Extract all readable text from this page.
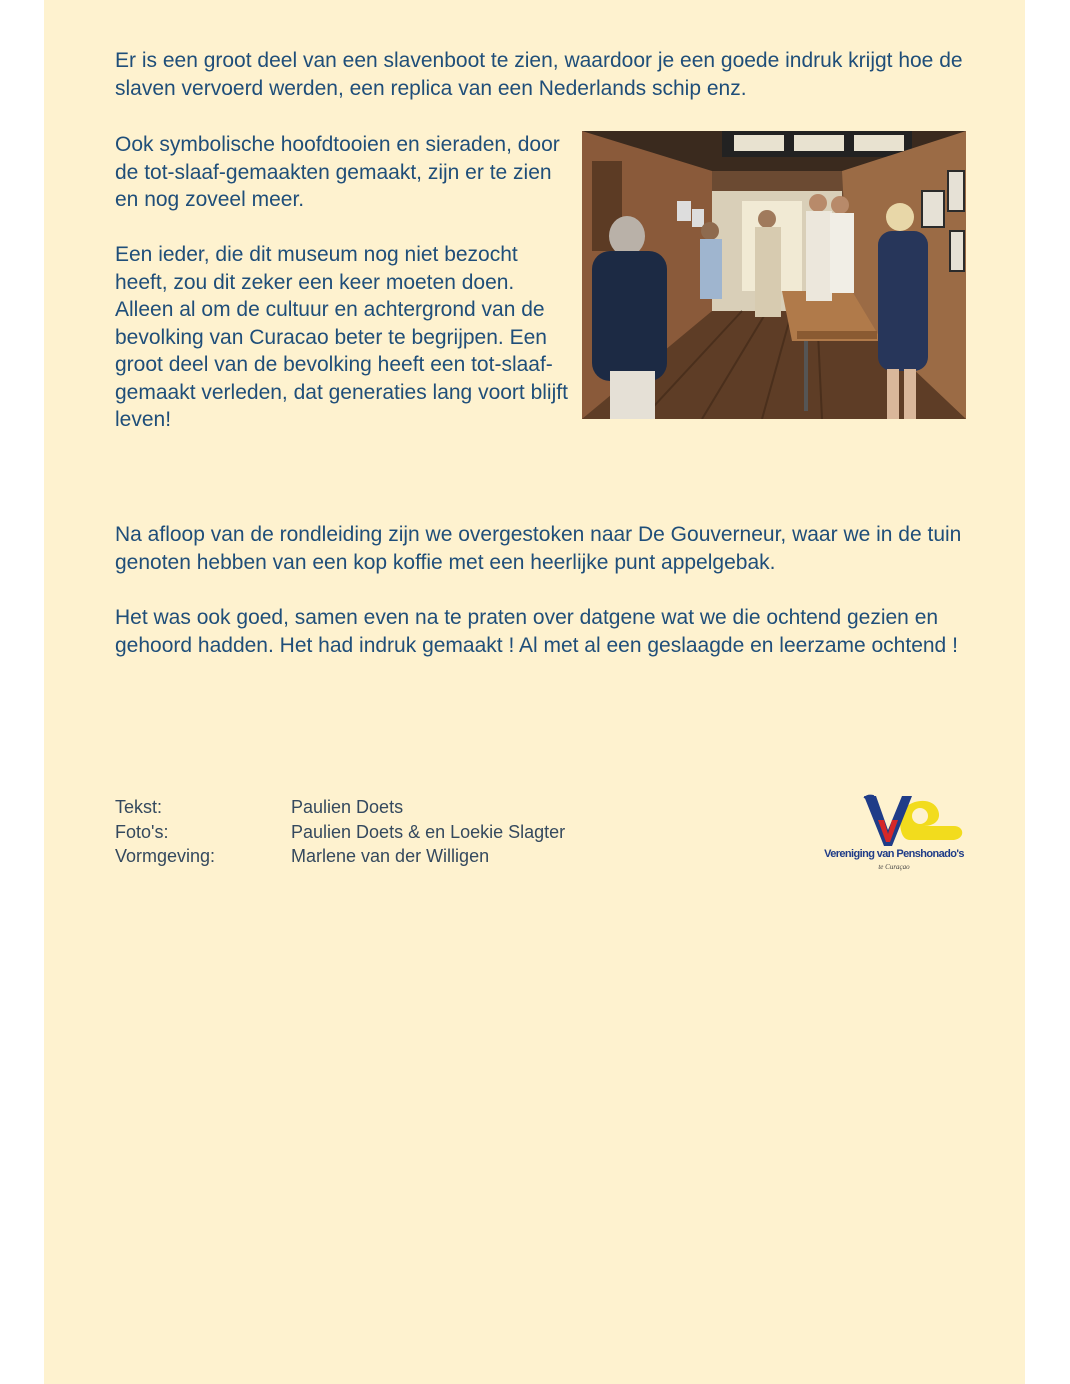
Er is een groot deel van een slavenboot te zien, waardoor je een goede indruk krijgt hoe de slaven vervoerd werden, een replica van een Nederlands schip enz.

Ook symbolische hoofdtooien en sieraden, door de tot-slaaf-gemaakten gemaakt, zijn er te zien en nog zoveel meer.

Een ieder, die dit museum nog niet bezocht heeft, zou dit zeker een keer moeten doen. Alleen al om de cultuur en achtergrond van de bevolking van Curacao beter te begrijpen. Een groot deel van de bevolking heeft een tot-slaaf-gemaakt verleden, dat generaties lang voort blijft leven!

Na afloop van de rondleiding zijn we overgestoken naar De Gouverneur, waar we in de tuin genoten hebben van een kop koffie met een heerlijke punt appelgebak.

Het was ook goed, samen even na te praten over datgene wat we die ochtend gezien en gehoord hadden. Het had indruk gemaakt ! Al met al een geslaagde en leerzame ochtend !

Tekst:	Paulien Doets
Foto's:	Paulien Doets & en Loekie Slagter
Vormgeving:	Marlene van der Willigen	Vereniging van Penshonado's
te Curaçao
